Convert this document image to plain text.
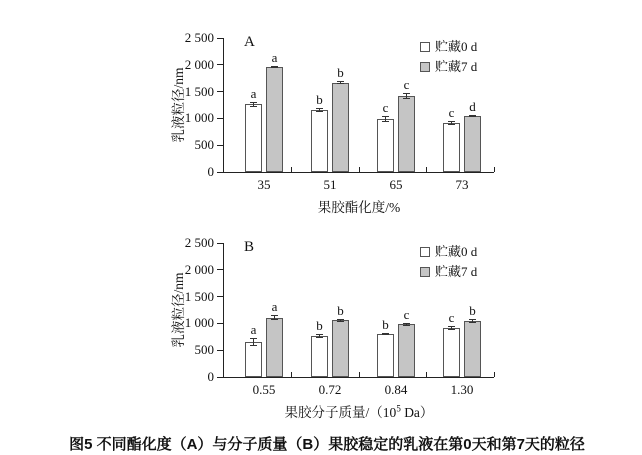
A
乳液粒径/nm
果胶酯化度/%
贮藏0 d
贮藏7 d
0
500
1 000
1 500
2 000
2 500
35
a
a
51
b
b
65
c
c
73
c	d
B
乳液粒径/nm
果胶分子质量$/(10^5$ Da）
贮藏0 d
贮藏7 d
0
500
1 000
1 500
2 000
2 500
0.55
a
a
0.72
b
b
0.84
b
c
1.30
c	b
图5 不同酯化度（A）与分子质量（B）果胶稳定的乳液在第0天和第7天的粒径
